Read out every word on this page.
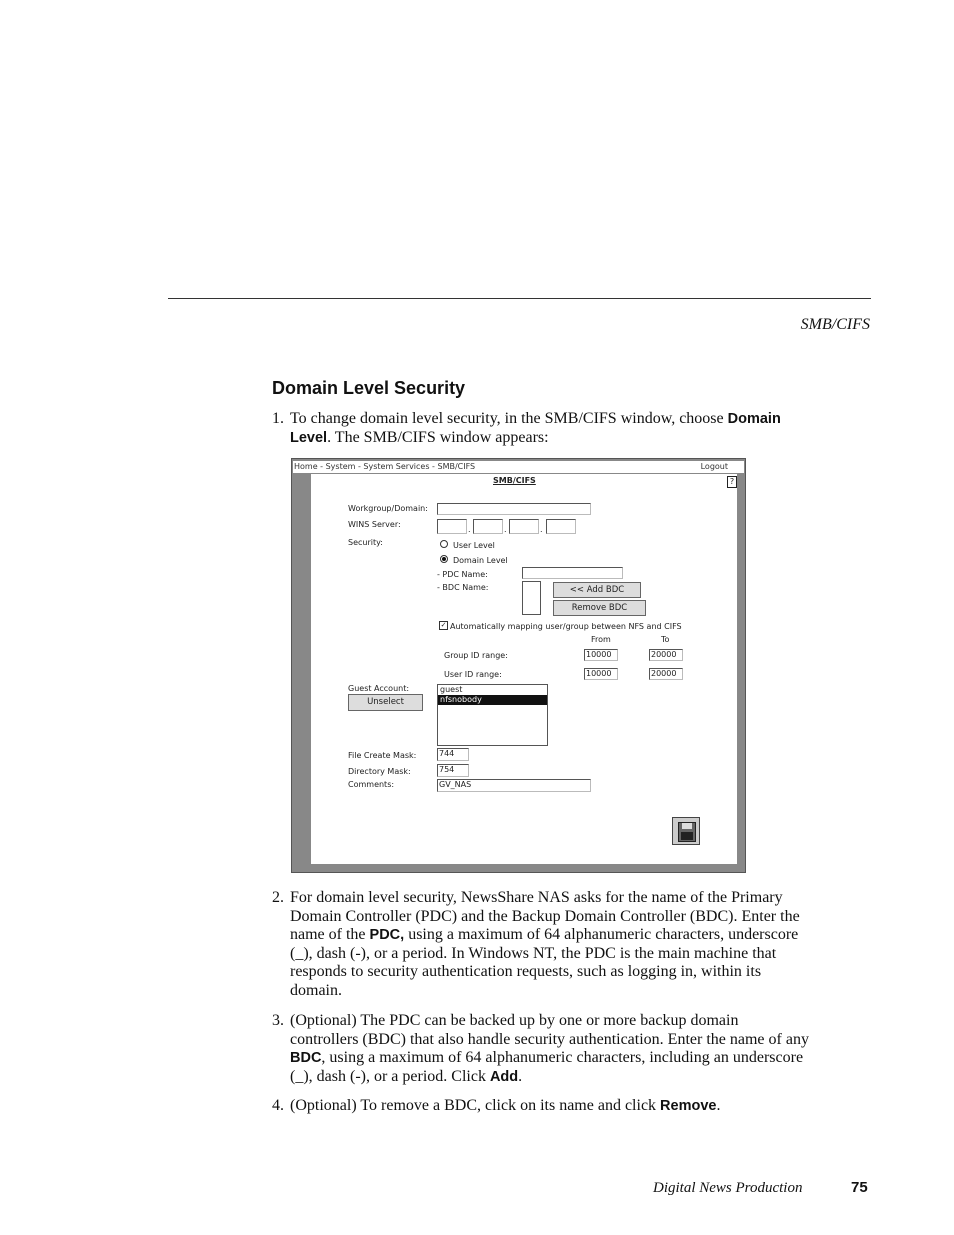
SMB/CIFS
Domain Level Security
1. To change domain level security, in the SMB/CIFS window, choose Domain Level. The SMB/CIFS window appears:
Home - System - System Services - SMB/CIFS	Logout
SMB/CIFS	?
Workgroup/Domain:
WINS Server:
.	.	.
Security:	User Level
Domain Level
- PDC Name:
- BDC Name:	<< Add BDC
Remove BDC
✓ Automatically mapping user/group between NFS and CIFS
From	To
Group ID range:	10000	20000
User ID range:	10000	20000
Guest Account:
Unselect
guest
nfsnobody
File Create Mask:	744
Directory Mask:	754
Comments:	GV_NAS
2. For domain level security, NewsShare NAS asks for the name of the Primary Domain Controller (PDC) and the Backup Domain Controller (BDC). Enter the name of the PDC, using a maximum of 64 alphanumeric characters, underscore (_), dash (-), or a period. In Windows NT, the PDC is the main machine that responds to security authentication requests, such as logging in, within its domain.
3. (Optional) The PDC can be backed up by one or more backup domain controllers (BDC) that also handle security authentication. Enter the name of any BDC, using a maximum of 64 alphanumeric characters, including an underscore (_), dash (-), or a period. Click Add.
4. (Optional) To remove a BDC, click on its name and click Remove.
Digital News Production	75
